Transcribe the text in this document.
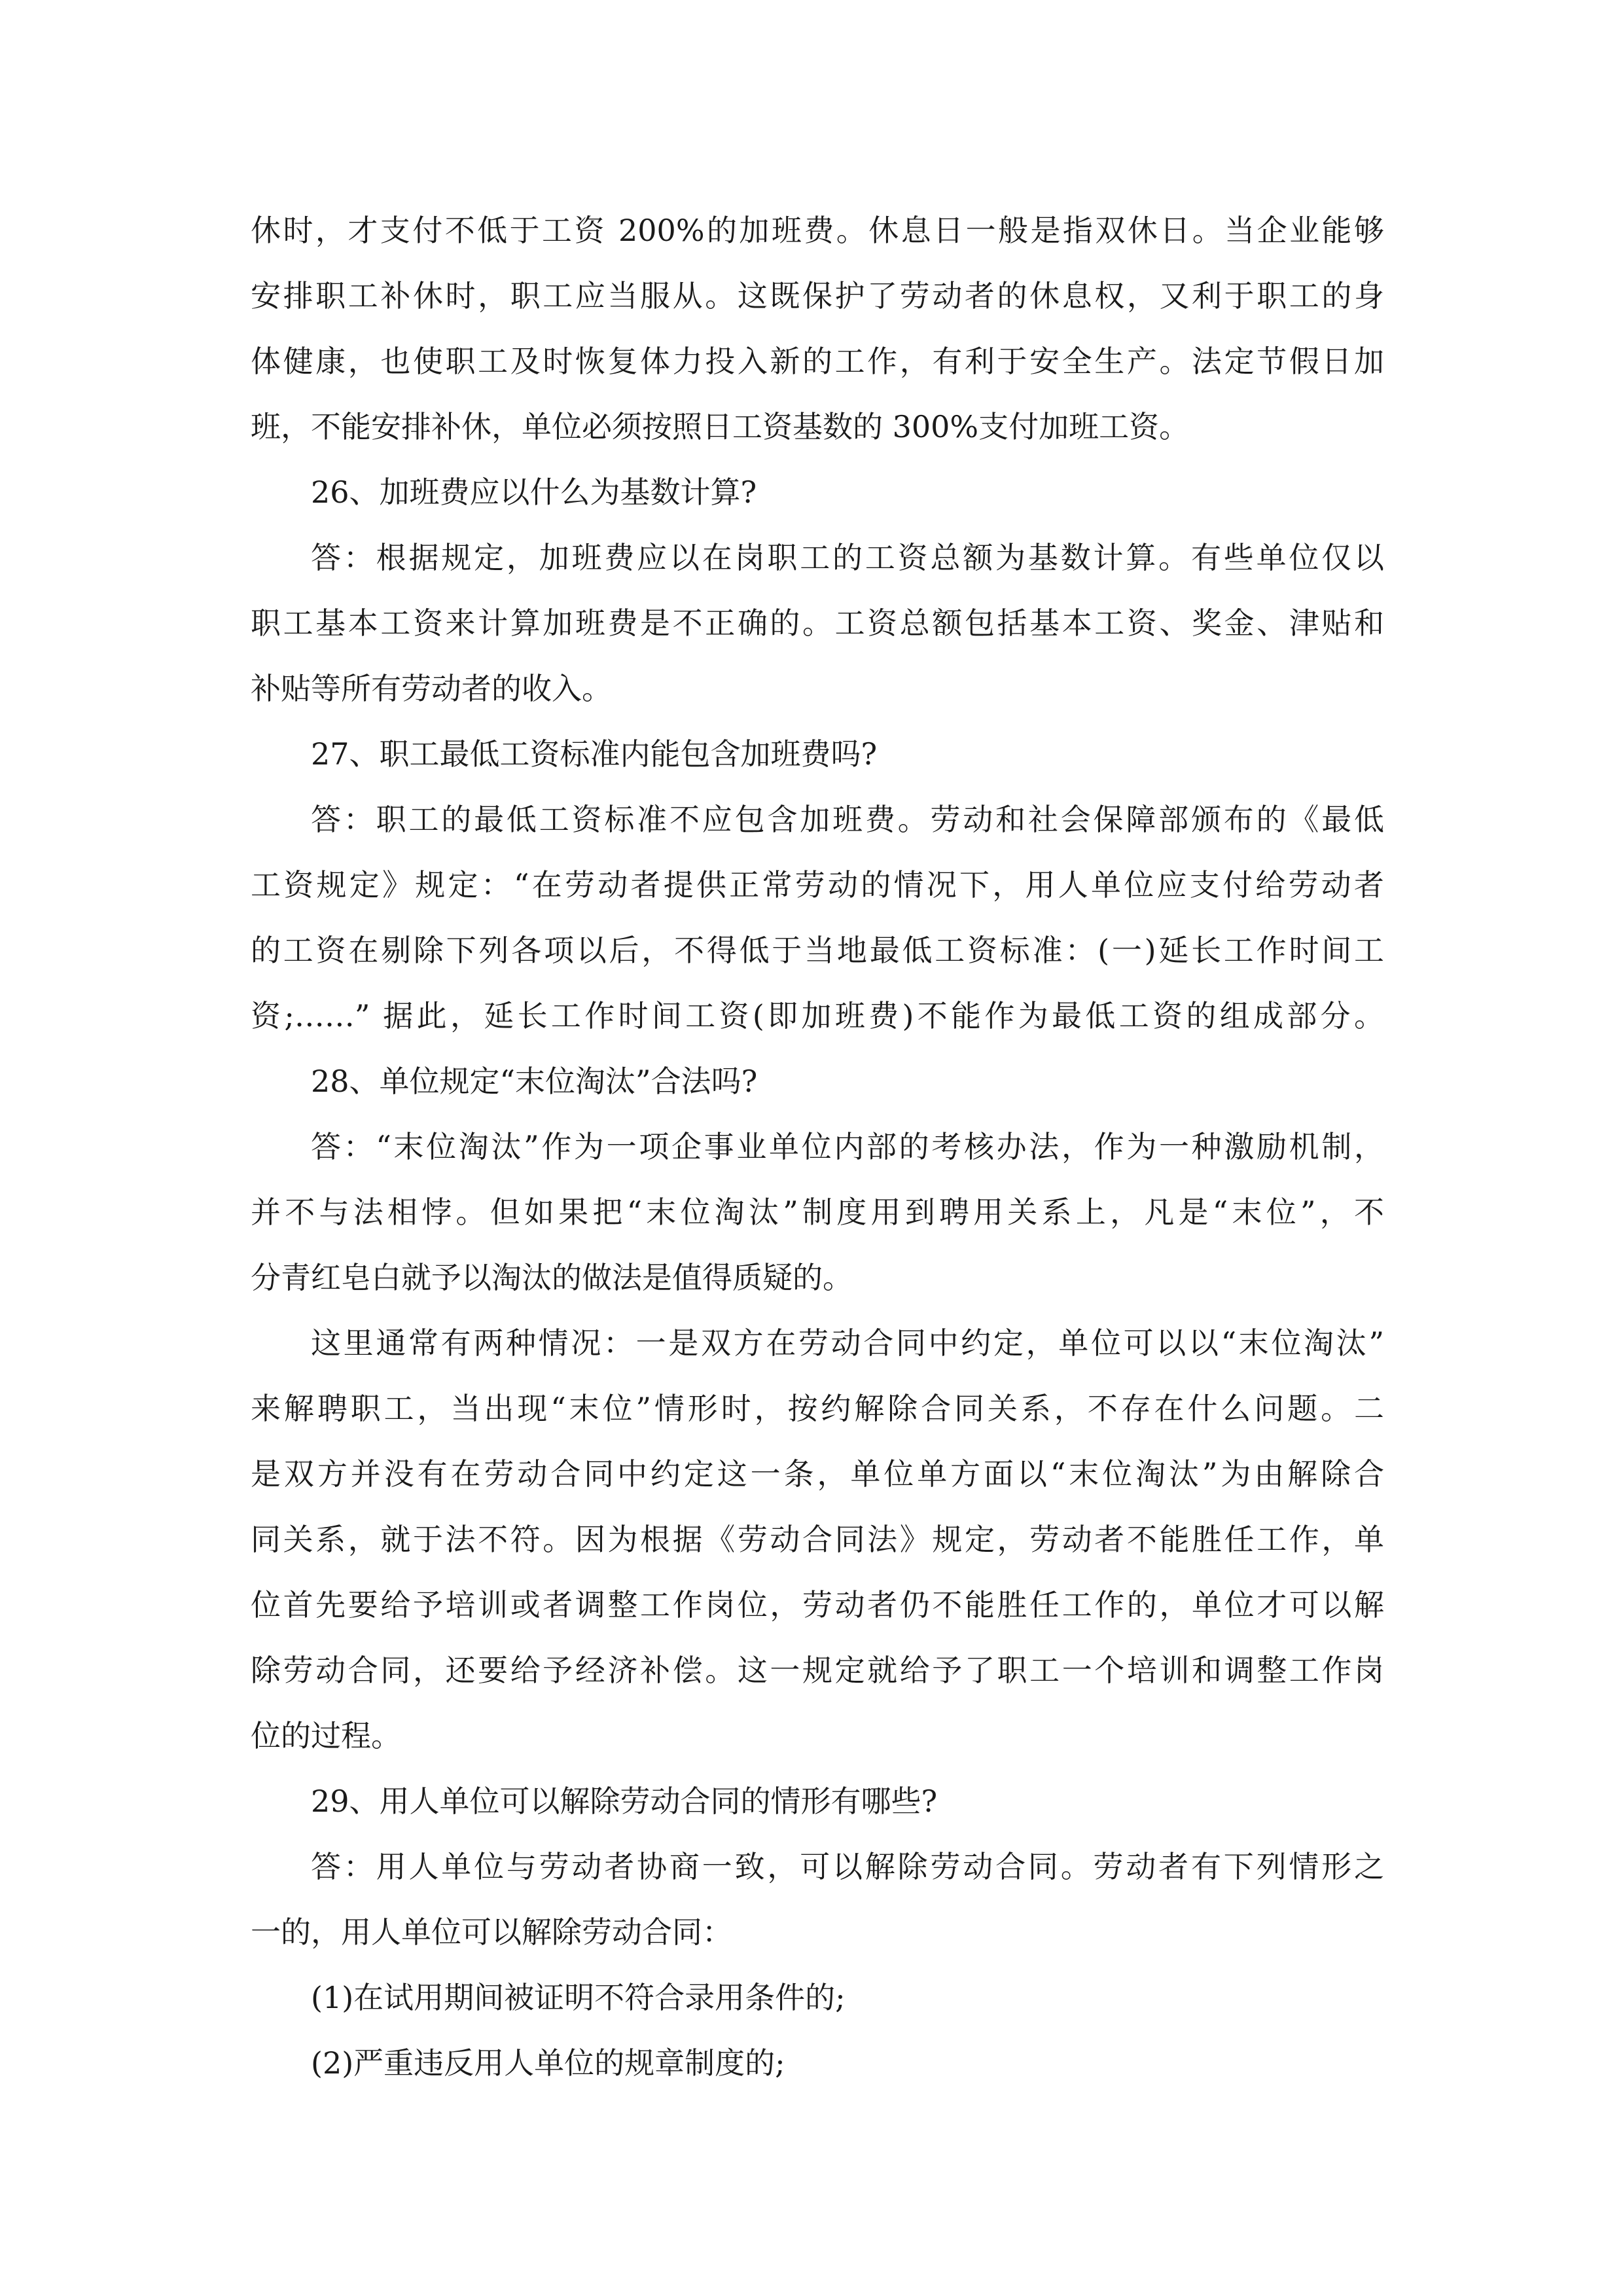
休时，才支付不低于工资 200%的加班费。休息日一般是指双休日。当企业能够

安排职工补休时，职工应当服从。这既保护了劳动者的休息权，又利于职工的身

体健康，也使职工及时恢复体力投入新的工作，有利于安全生产。法定节假日加

班，不能安排补休，单位必须按照日工资基数的 300%支付加班工资。

26、加班费应以什么为基数计算?

答：根据规定，加班费应以在岗职工的工资总额为基数计算。有些单位仅以

职工基本工资来计算加班费是不正确的。工资总额包括基本工资、奖金、津贴和

补贴等所有劳动者的收入。

27、职工最低工资标准内能包含加班费吗?

答：职工的最低工资标准不应包含加班费。劳动和社会保障部颁布的《最低

工资规定》规定：“在劳动者提供正常劳动的情况下，用人单位应支付给劳动者

的工资在剔除下列各项以后，不得低于当地最低工资标准：(一)延长工作时间工

资;……” 据此，延长工作时间工资(即加班费)不能作为最低工资的组成部分。

28、单位规定“末位淘汰”合法吗?

答：“末位淘汰”作为一项企事业单位内部的考核办法，作为一种激励机制，

并不与法相悖。但如果把“末位淘汰”制度用到聘用关系上，凡是“末位”，不

分青红皂白就予以淘汰的做法是值得质疑的。

这里通常有两种情况：一是双方在劳动合同中约定，单位可以以“末位淘汰”

来解聘职工，当出现“末位”情形时，按约解除合同关系，不存在什么问题。二

是双方并没有在劳动合同中约定这一条，单位单方面以“末位淘汰”为由解除合

同关系，就于法不符。因为根据《劳动合同法》规定，劳动者不能胜任工作，单

位首先要给予培训或者调整工作岗位，劳动者仍不能胜任工作的，单位才可以解

除劳动合同，还要给予经济补偿。这一规定就给予了职工一个培训和调整工作岗

位的过程。

29、用人单位可以解除劳动合同的情形有哪些?

答：用人单位与劳动者协商一致，可以解除劳动合同。劳动者有下列情形之

一的，用人单位可以解除劳动合同：

(1)在试用期间被证明不符合录用条件的;

(2)严重违反用人单位的规章制度的;
